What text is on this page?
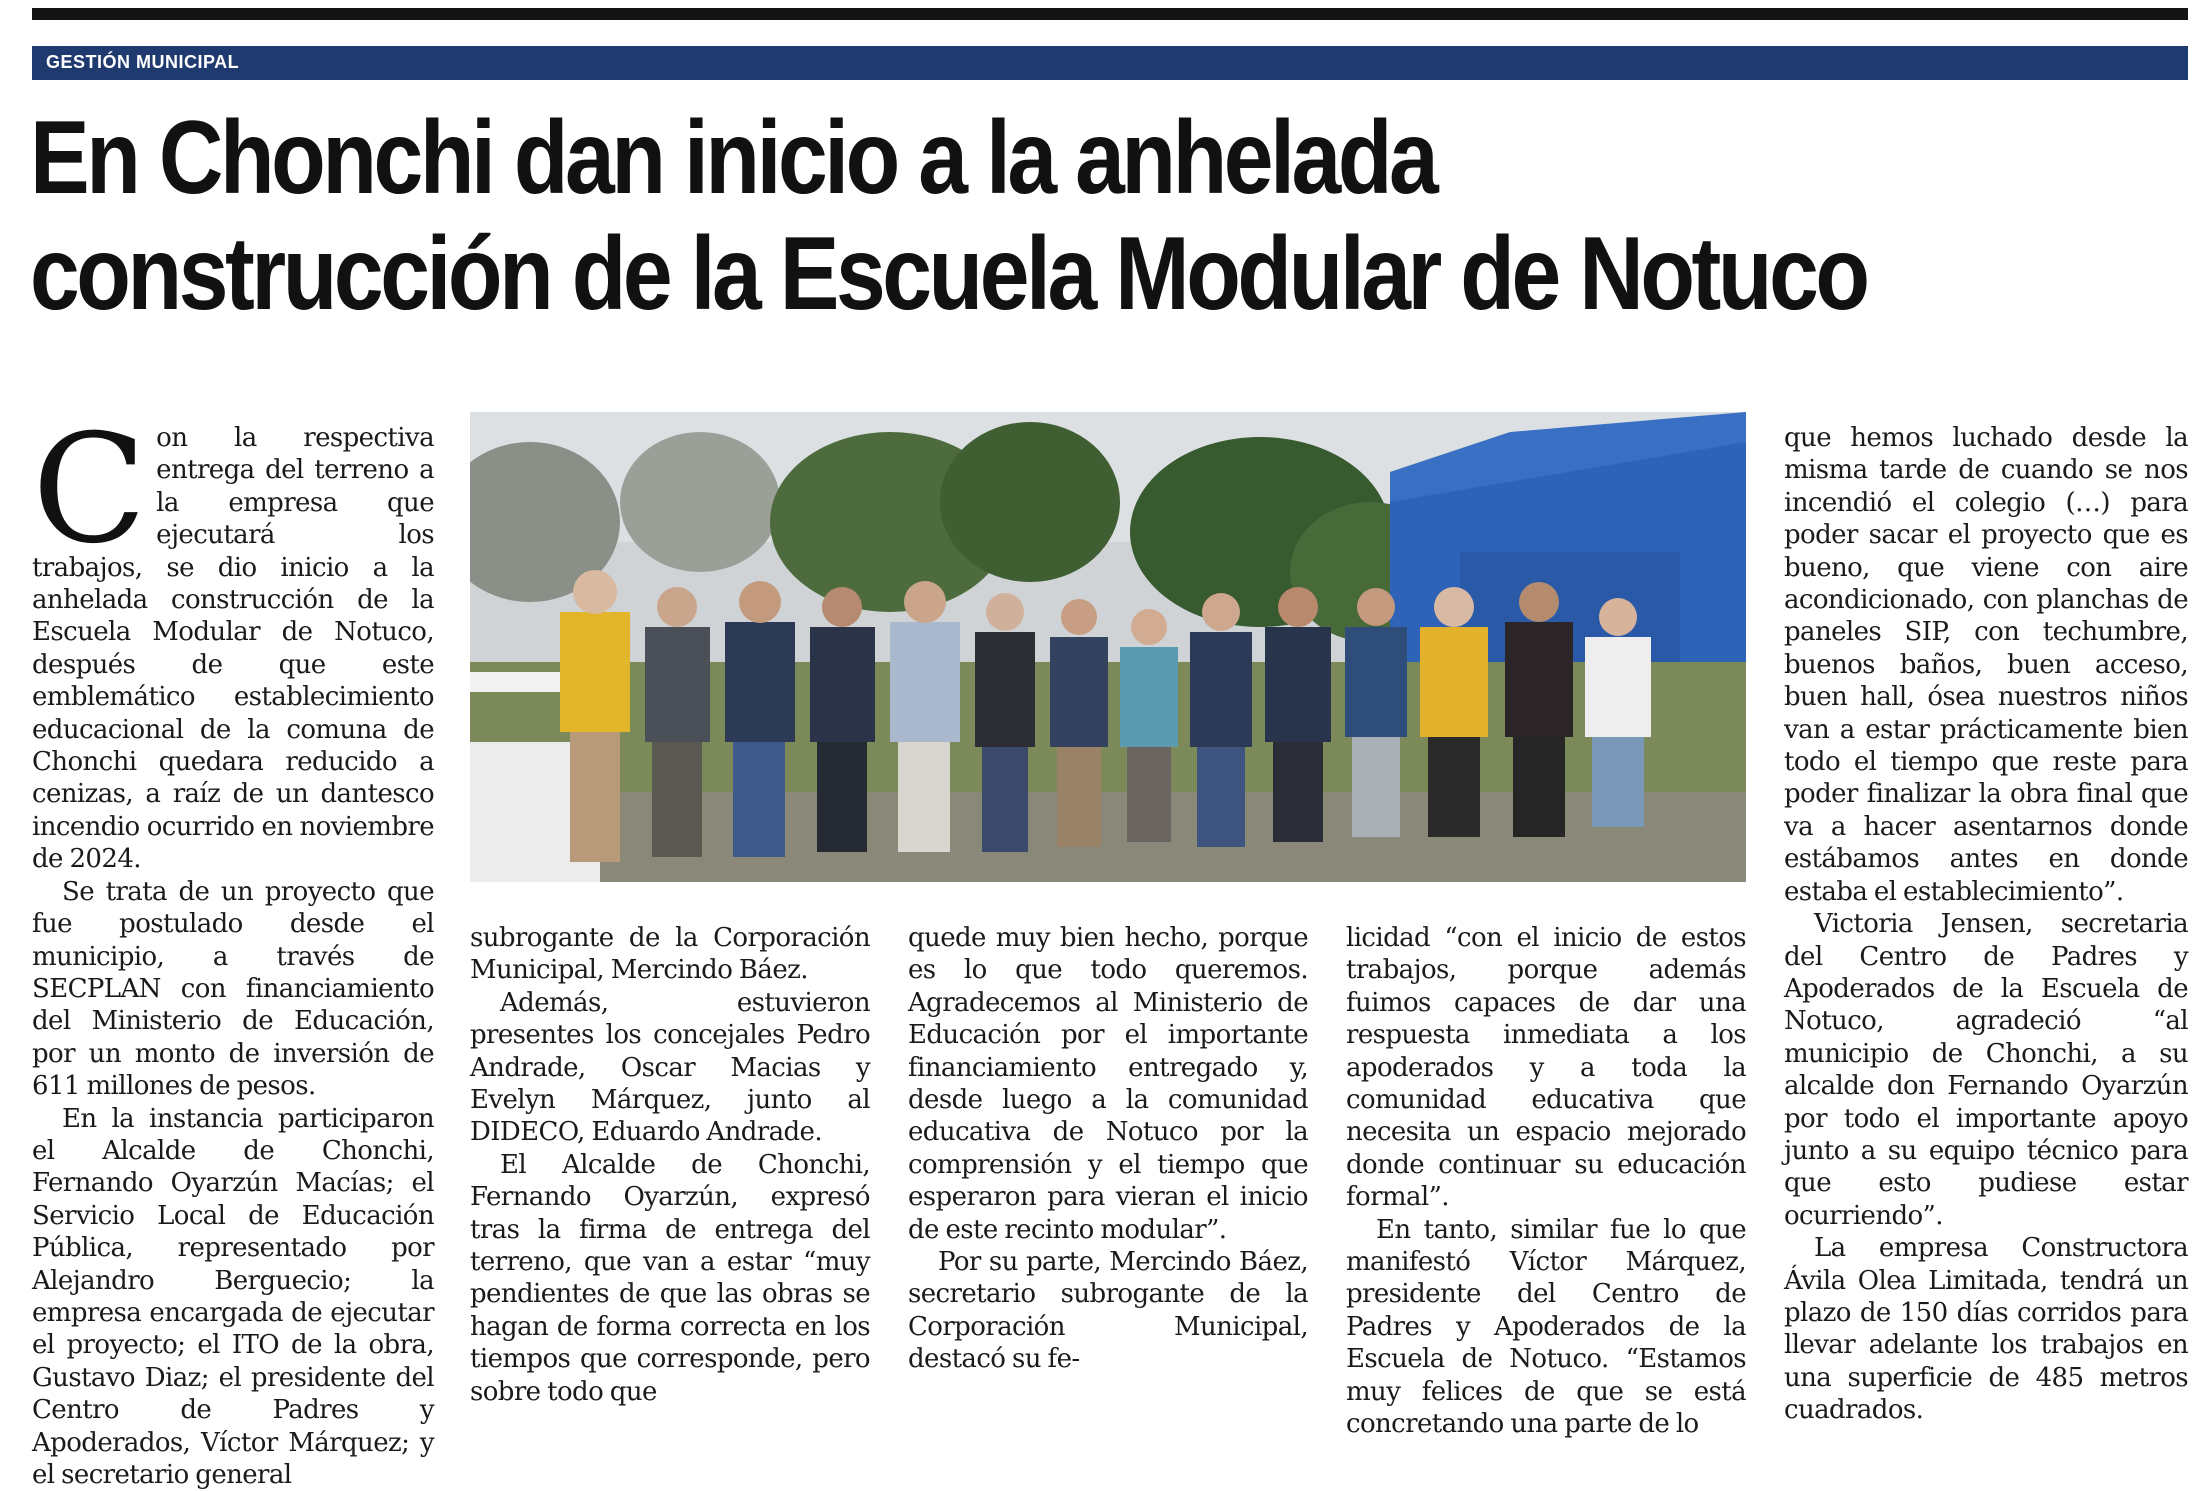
GESTIÓN MUNICIPAL
En Chonchi dan inicio a la anhelada
construcción de la Escuela Modular de Notuco
C on la respectiva entrega del terreno a la empresa que ejecutará los trabajos, se dio inicio a la anhelada construcción de la Escuela Modular de Notuco, después de que este emblemático establecimiento educacional de la comuna de Chonchi quedara reducido a cenizas, a raíz de un dantesco incendio ocurrido en noviembre de 2024.

Se trata de un proyecto que fue postulado desde el municipio, a través de SECPLAN con financiamiento del Ministerio de Educación, por un monto de inversión de 611 millones de pesos.

En la instancia participaron el Alcalde de Chonchi, Fernando Oyarzún Macías; el Servicio Local de Educación Pública, representado por Alejandro Berguecio; la empresa encargada de ejecutar el proyecto; el ITO de la obra, Gustavo Diaz; el presidente del Centro de Padres y Apoderados, Víctor Márquez; y el secretario general

subrogante de la Corporación Municipal, Mercindo Báez.

Además, estuvieron presentes los concejales Pedro Andrade, Oscar Macias y Evelyn Márquez, junto al DIDECO, Eduardo Andrade.

El Alcalde de Chonchi, Fernando Oyarzún, expresó tras la firma de entrega del terreno, que van a estar “muy pendientes de que las obras se hagan de forma correcta en los tiempos que corresponde, pero sobre todo que

quede muy bien hecho, porque es lo que todo queremos. Agradecemos al Ministerio de Educación por el importante financiamiento entregado y, desde luego a la comunidad educativa de Notuco por la comprensión y el tiempo que esperaron para vieran el inicio de este recinto modular”.

Por su parte, Mercindo Báez, secretario subrogante de la Corporación Municipal, destacó su fe-

licidad “con el inicio de estos trabajos, porque además fuimos capaces de dar una respuesta inmediata a los apoderados y a toda la comunidad educativa que necesita un espacio mejorado donde continuar su educación formal”.

En tanto, similar fue lo que manifestó Víctor Márquez, presidente del Centro de Padres y Apoderados de la Escuela de Notuco. “Estamos muy felices de que se está concretando una parte de lo

que hemos luchado desde la misma tarde de cuando se nos incendió el colegio (…) para poder sacar el proyecto que es bueno, que viene con aire acondicionado, con planchas de paneles SIP, con techumbre, buenos baños, buen acceso, buen hall, ósea nuestros niños van a estar prácticamente bien todo el tiempo que reste para poder finalizar la obra final que va a hacer asentarnos donde estábamos antes en donde estaba el establecimiento”.

Victoria Jensen, secretaria del Centro de Padres y Apoderados de la Escuela de Notuco, agradeció “al municipio de Chonchi, a su alcalde don Fernando Oyarzún por todo el importante apoyo junto a su equipo técnico para que esto pudiese estar ocurriendo”.

La empresa Constructora Ávila Olea Limitada, tendrá un plazo de 150 días corridos para llevar adelante los trabajos en una superficie de 485 metros cuadrados.
